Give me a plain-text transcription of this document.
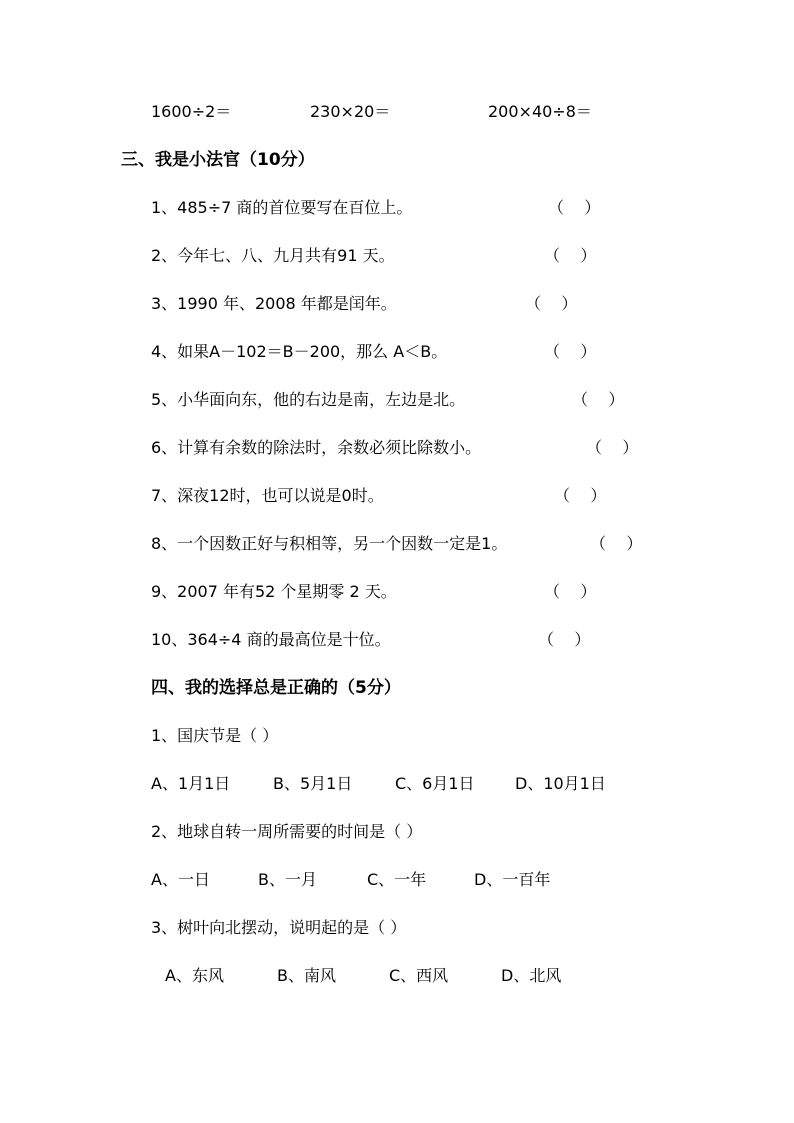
1600÷2＝	230×20＝	200×40÷8＝
三、我是小法官（10分）
1、485÷7 商的首位要写在百位上。	（    ）
2、今年七、八、九月共有91 天。	（    ）
3、1990 年、2008 年都是闰年。	（    ）
4、如果A－102＝B－200，那么 A＜B。	（    ）
5、小华面向东，他的右边是南，左边是北。	（    ）
6、计算有余数的除法时，余数必须比除数小。	（    ）
7、深夜12时，也可以说是0时。	（    ）
8、一个因数正好与积相等，另一个因数一定是1。	（    ）
9、2007 年有52 个星期零 2 天。	（    ）
10、364÷4 商的最高位是十位。	（    ）
四、我的选择总是正确的（5分）
1、国庆节是（ ）
A、1月1日	B、5月1日	C、6月1日	D、10月1日
2、地球自转一周所需要的时间是（ ）
A、一日	B、一月	C、一年	D、一百年
3、树叶向北摆动，说明起的是（ ）
A、东风	B、南风	C、西风	D、北风
